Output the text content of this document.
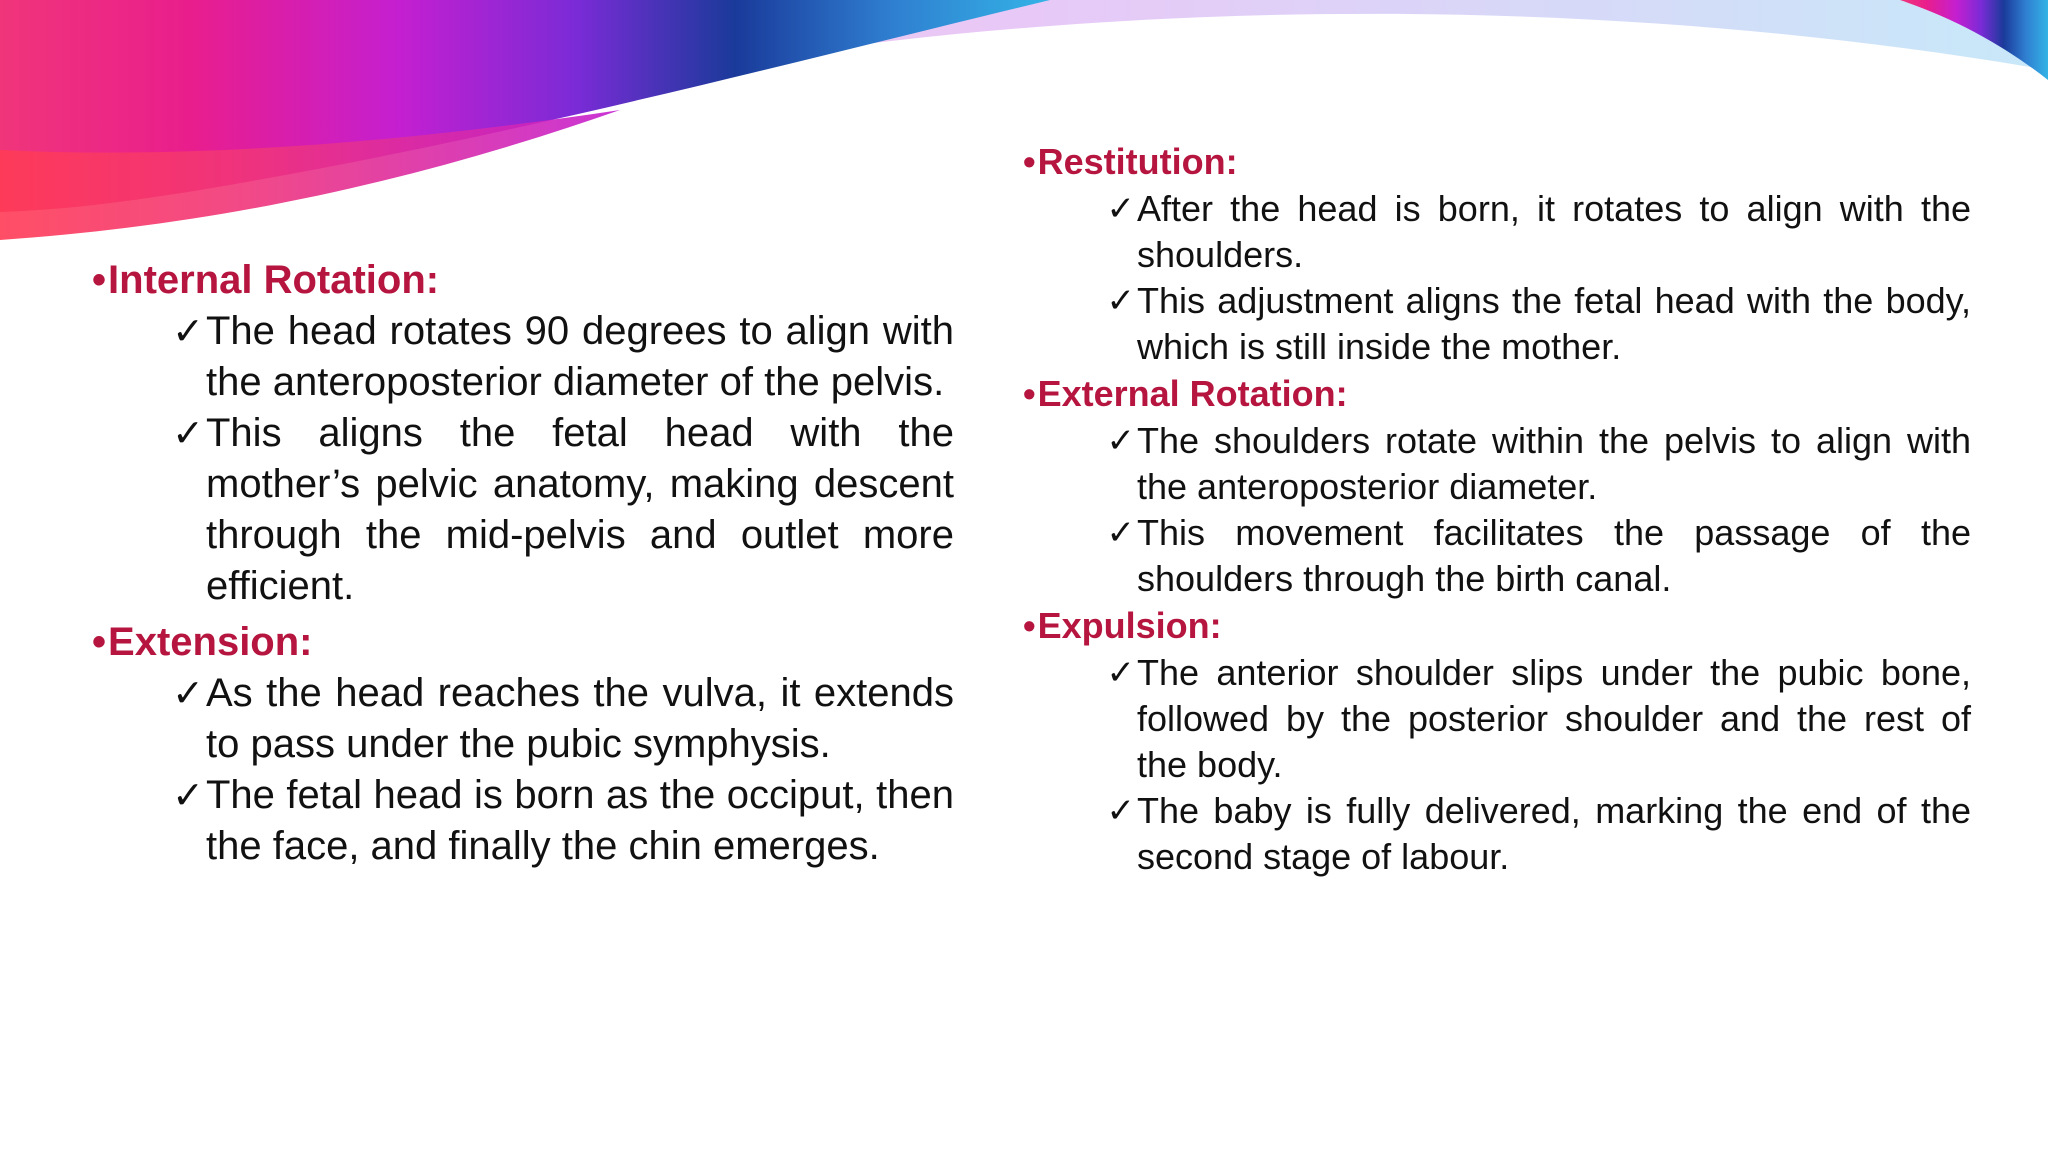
• Internal Rotation:
✓ The head rotates 90 degrees to align with the anteroposterior diameter of the pelvis.
✓ This aligns the fetal head with the mother’s pelvic anatomy, making descent through the mid-pelvis and outlet more efficient.
• Extension:
✓ As the head reaches the vulva, it extends to pass under the pubic symphysis.
✓ The fetal head is born as the occiput, then the face, and finally the chin emerges.
• Restitution:
✓ After the head is born, it rotates to align with the shoulders.
✓ This adjustment aligns the fetal head with the body, which is still inside the mother.
• External Rotation:
✓ The shoulders rotate within the pelvis to align with the anteroposterior diameter.
✓ This movement facilitates the passage of the shoulders through the birth canal.
• Expulsion:
✓ The anterior shoulder slips under the pubic bone, followed by the posterior shoulder and the rest of the body.
✓ The baby is fully delivered, marking the end of the second stage of labour.
